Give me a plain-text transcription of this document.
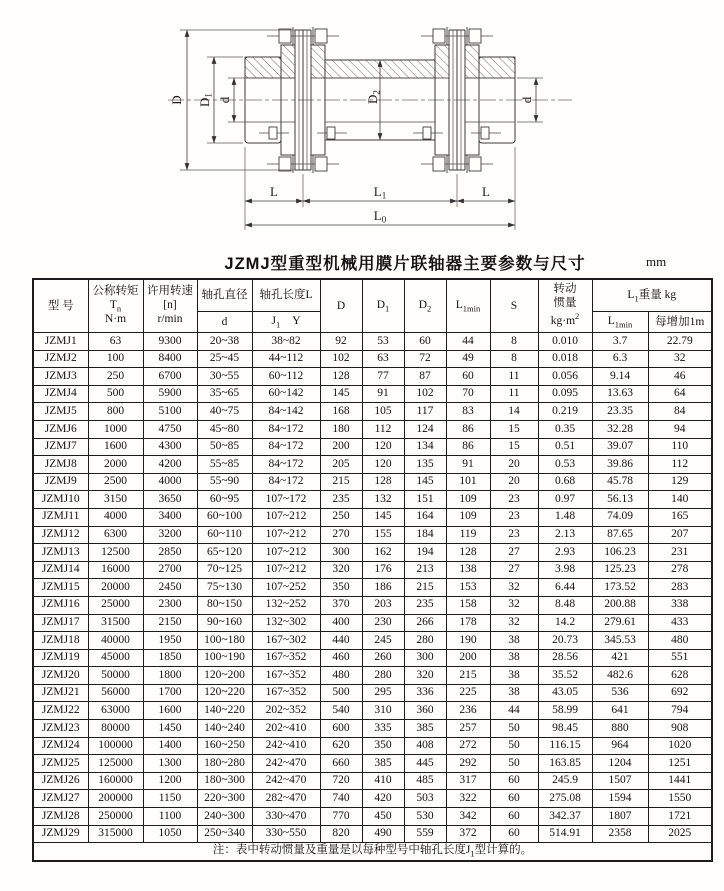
D D1
d	D2
d
L	L1	L
L0
JZMJ型重型机械用膜片联轴器主要参数与尺寸	mm
型 号	公称转矩
$T_n$
N·m	许用转速
[n]
r/min	轴孔直径	轴孔长度L	D	$D_1$	$D_2$	$L_{1min}$	S	转动
惯量
$kg\cdot m^2$	$L_1$重量 kg	
			d	$J_1$ Y							$L_{1min}$	每增加1m
JZMJ1	63	9300	20~38	38~82	92	53	60	44	8	0.010	3.7	22.79
JZMJ2	100	8400	25~45	44~112	102	63	72	49	8	0.018	6.3	32
JZMJ3	250	6700	30~55	60~112	128	77	87	60	11	0.056	9.14	46
JZMJ4	500	5900	35~65	60~142	145	91	102	70	11	0.095	13.63	64
JZMJ5	800	5100	40~75	84~142	168	105	117	83	14	0.219	23.35	84
JZMJ6	1000	4750	45~80	84~172	180	112	124	86	15	0.35	32.28	94
JZMJ7	1600	4300	50~85	84~172	200	120	134	86	15	0.51	39.07	110
JZMJ8	2000	4200	55~85	84~172	205	120	135	91	20	0.53	39.86	112
JZMJ9	2500	4000	55~90	84~172	215	128	145	101	20	0.68	45.78	129
JZMJ10	3150	3650	60~95	107~172	235	132	151	109	23	0.97	56.13	140
JZMJ11	4000	3400	60~100	107~212	250	145	164	109	23	1.48	74.09	165
JZMJ12	6300	3200	60~110	107~212	270	155	184	119	23	2.13	87.65	207
JZMJ13	12500	2850	65~120	107~212	300	162	194	128	27	2.93	106.23	231
JZMJ14	16000	2700	70~125	107~212	320	176	213	138	27	3.98	125.23	278
JZMJ15	20000	2450	75~130	107~252	350	186	215	153	32	6.44	173.52	283
JZMJ16	25000	2300	80~150	132~252	370	203	235	158	32	8.48	200.88	338
JZMJ17	31500	2150	90~160	132~302	400	230	266	178	32	14.2	279.61	433
JZMJ18	40000	1950	100~180	167~302	440	245	280	190	38	20.73	345.53	480
JZMJ19	45000	1850	100~190	167~352	460	260	300	200	38	28.56	421	551
JZMJ20	50000	1800	120~200	167~352	480	280	320	215	38	35.52	482.6	628
JZMJ21	56000	1700	120~220	167~352	500	295	336	225	38	43.05	536	692
JZMJ22	63000	1600	140~220	202~352	540	310	360	236	44	58.99	641	794
JZMJ23	80000	1450	140~240	202~410	600	335	385	257	50	98.45	880	908
JZMJ24	100000	1400	160~250	242~410	620	350	408	272	50	116.15	964	1020
JZMJ25	125000	1300	180~280	242~470	660	385	445	292	50	163.85	1204	1251
JZMJ26	160000	1200	180~300	242~470	720	410	485	317	60	245.9	1507	1441
JZMJ27	200000	1150	220~300	282~470	740	420	503	322	60	275.08	1594	1550
JZMJ28	250000	1100	240~300	330~470	770	450	530	342	60	342.37	1807	1721
JZMJ29	315000	1050	250~340	330~550	820	490	559	372	60	514.91	2358	2025
注：表中转动惯量及重量是以每种型号中轴孔长度$J_1$型计算的。												
